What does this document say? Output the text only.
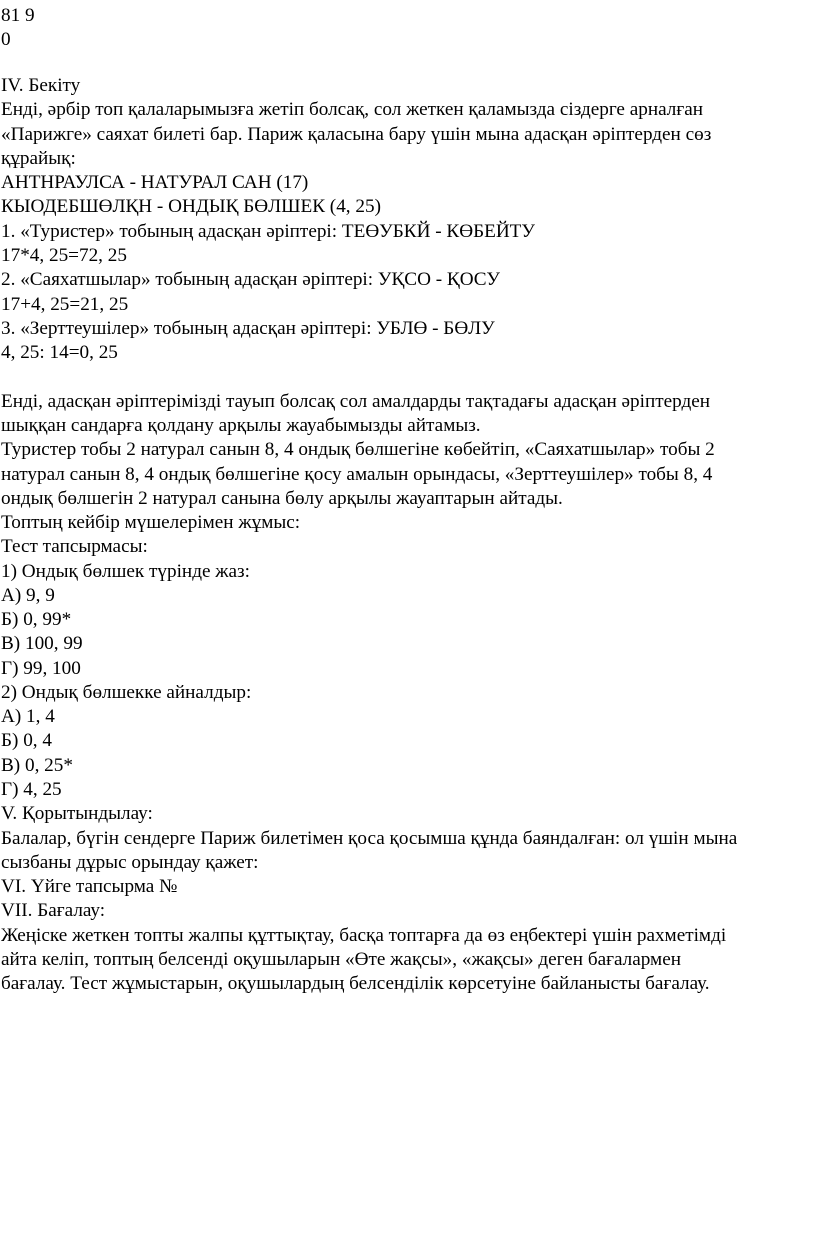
81 9
0
IV. Бекіту
Енді, әрбір топ қалаларымызға жетіп болсақ, сол жеткен қаламызда сіздерге арналған
«Парижге» саяхат билеті бар. Париж қаласына бару үшін мына адасқан әріптерден сөз
құрайық:
АНТНРАУЛСА - НАТУРАЛ САН (17)
КЫОДЕБШӨЛҚН - ОНДЫҚ БӨЛШЕК (4, 25)
1. «Туристер» тобының адасқан әріптері: ТЕӨУБКЙ - КӨБЕЙТУ
17*4, 25=72, 25
2. «Саяхатшылар» тобының адасқан әріптері: УҚСО - ҚОСУ
17+4, 25=21, 25
3. «Зерттеушілер» тобының адасқан әріптері: УБЛӨ - БӨЛУ
4, 25: 14=0, 25
Енді, адасқан әріптерімізді тауып болсақ сол амалдарды тақтадағы адасқан әріптерден
шыққан сандарға қолдану арқылы жауабымызды айтамыз.
Туристер тобы 2 натурал санын 8, 4 ондық бөлшегіне көбейтіп, «Саяхатшылар» тобы 2
натурал санын 8, 4 ондық бөлшегіне қосу амалын орындасы, «Зерттеушілер» тобы 8, 4
ондық бөлшегін 2 натурал санына бөлу арқылы жауаптарын айтады.
Топтың кейбір мүшелерімен жұмыс:
Тест тапсырмасы:
1) Ондық бөлшек түрінде жаз:
А) 9, 9
Б) 0, 99*
В) 100, 99
Г) 99, 100
2) Ондық бөлшекке айналдыр:
А) 1, 4
Б) 0, 4
В) 0, 25*
Г) 4, 25
V. Қорытындылау:
Балалар, бүгін сендерге Париж билетімен қоса қосымша құнда баяндалған: ол үшін мына
сызбаны дұрыс орындау қажет:
VI. Үйге тапсырма №
VII. Бағалау:
Жеңіске жеткен топты жалпы құттықтау, басқа топтарға да өз еңбектері үшін рахметімді
айта келіп, топтың белсенді оқушыларын «Өте жақсы», «жақсы» деген бағалармен
бағалау. Тест жұмыстарын, оқушылардың белсенділік көрсетуіне байланысты бағалау.
